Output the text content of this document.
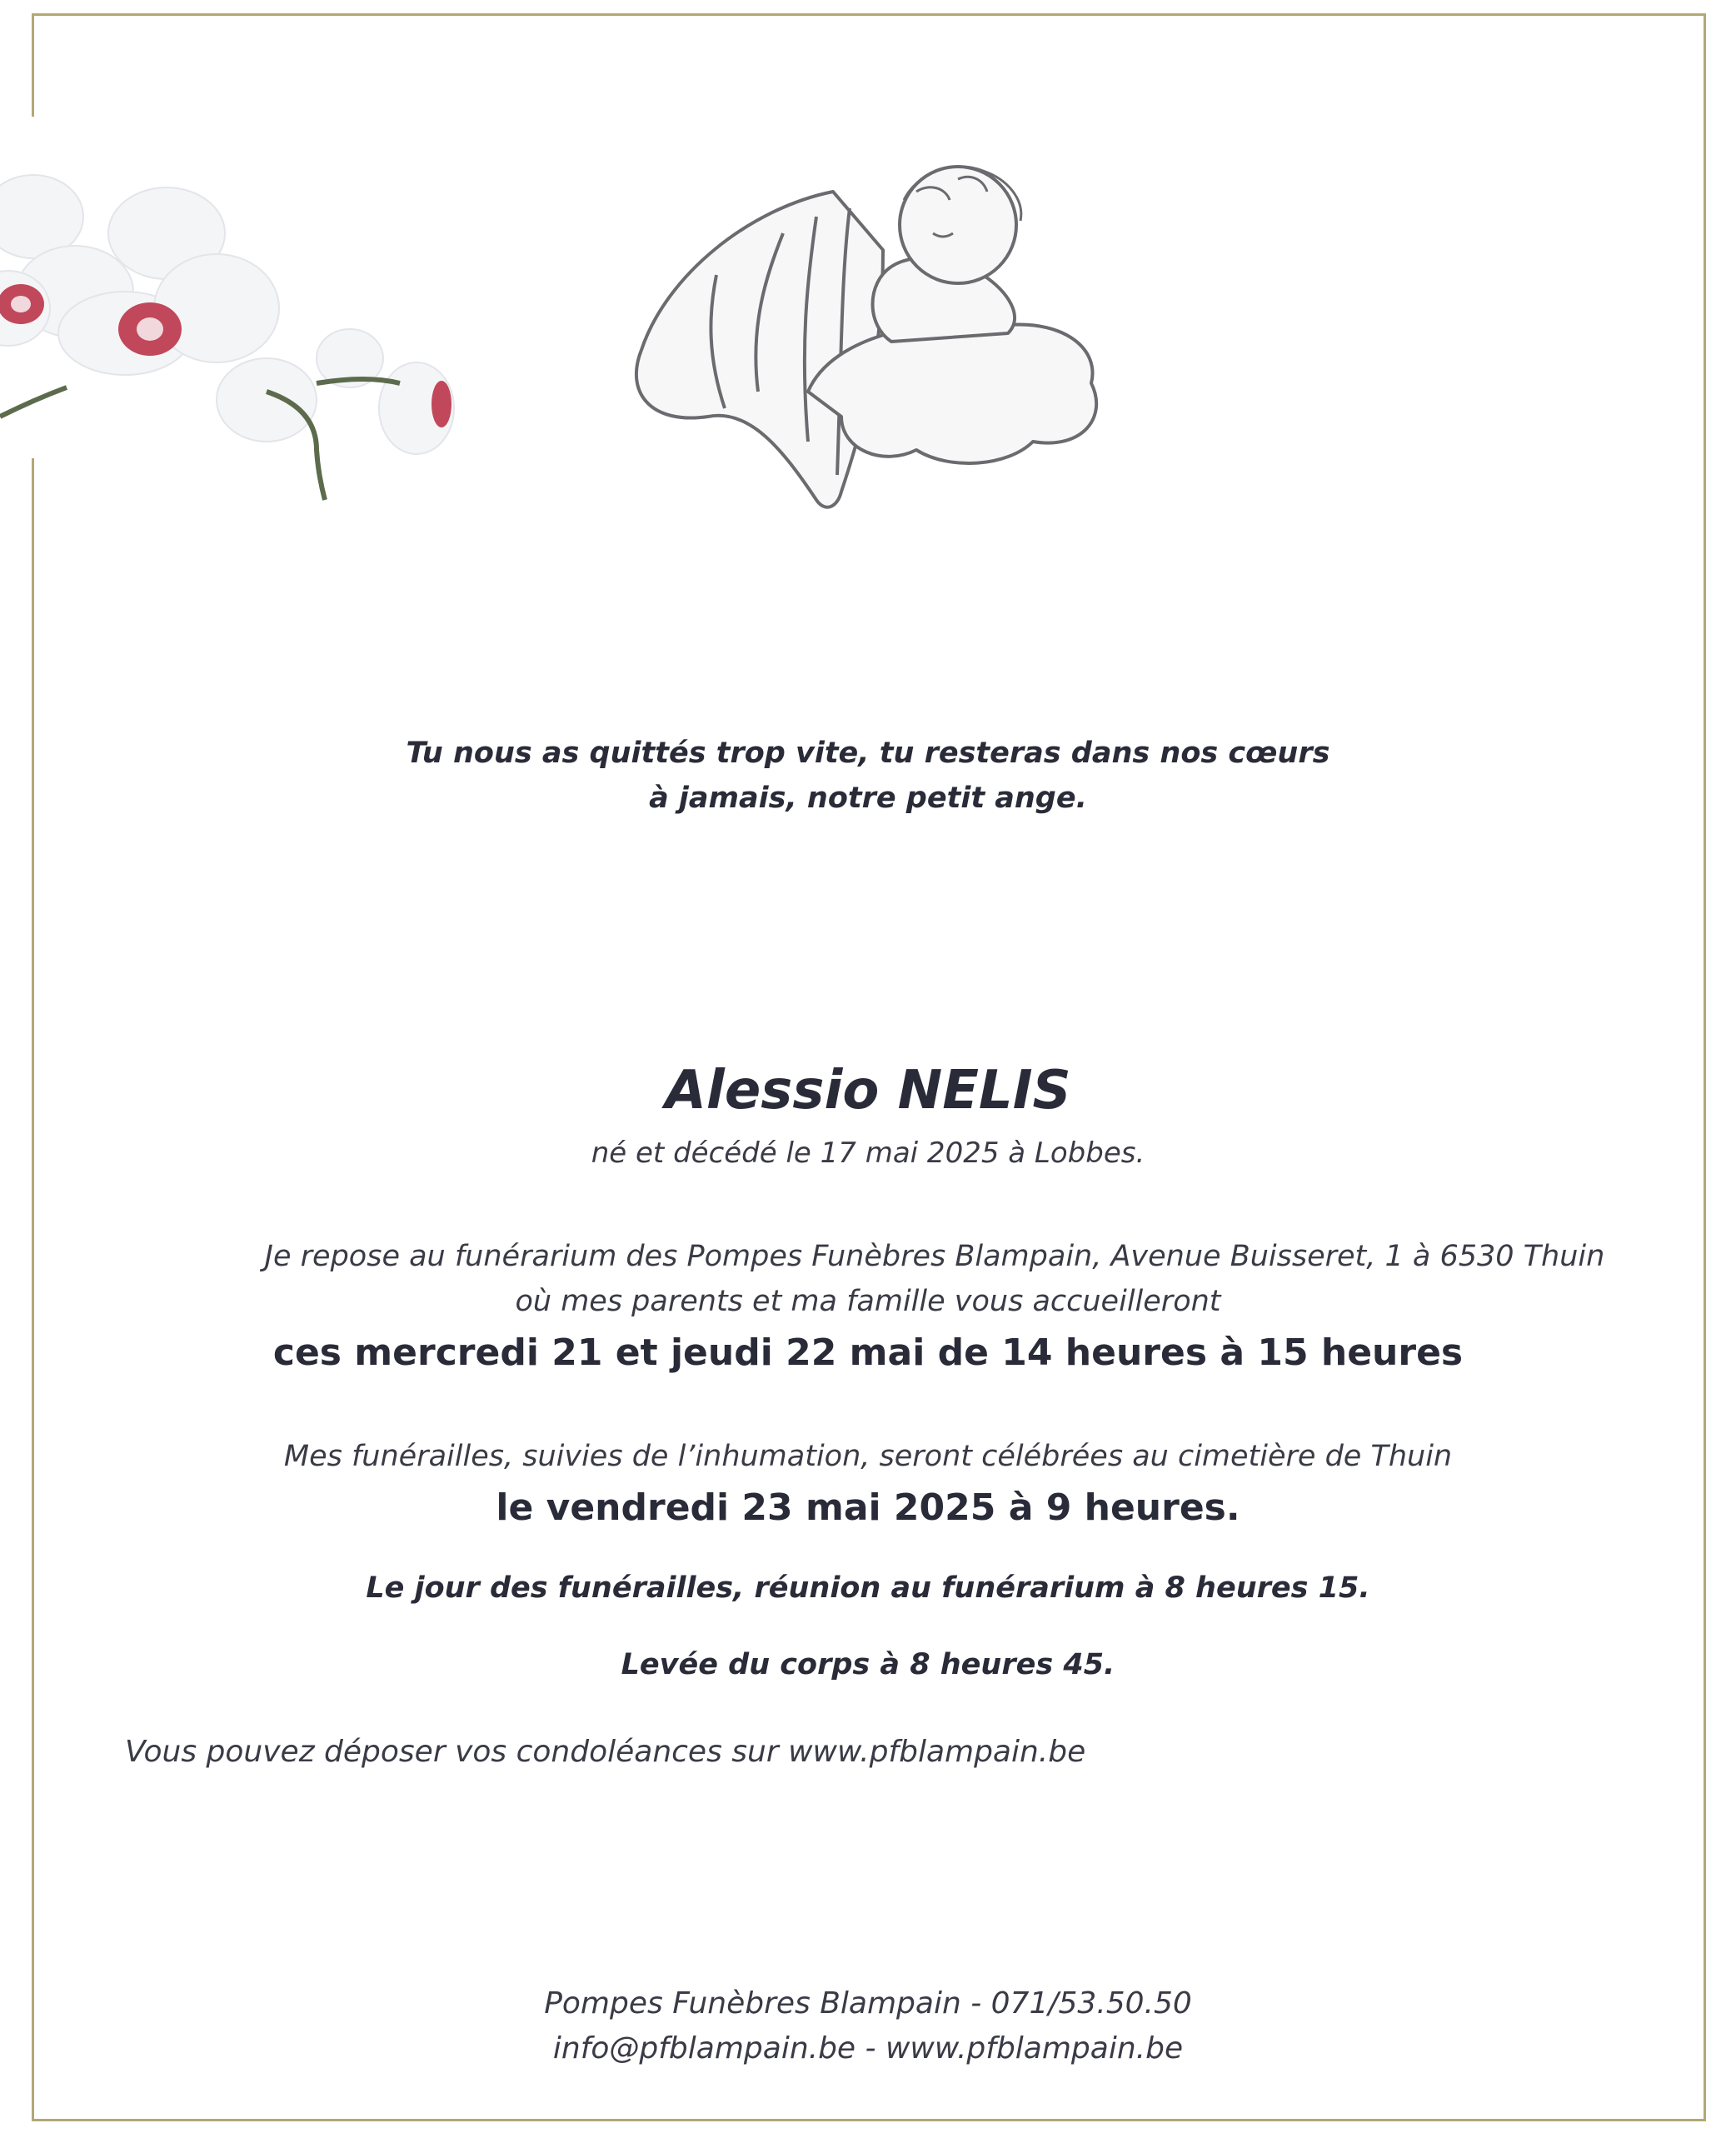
Tu nous as quittés trop vite, tu resteras dans nos cœurs
à jamais, notre petit ange.
Alessio NELIS
né et décédé le 17 mai 2025 à Lobbes.
Je repose au funérarium des Pompes Funèbres Blampain, Avenue Buisseret, 1 à 6530 Thuin
où mes parents et ma famille vous accueilleront
ces mercredi 21 et jeudi 22 mai de 14 heures à 15 heures
Mes funérailles, suivies de l’inhumation, seront célébrées au cimetière de Thuin
le vendredi 23 mai 2025 à 9 heures.
Le jour des funérailles, réunion au funérarium à 8 heures 15.
Levée du corps à 8 heures 45.
Vous pouvez déposer vos condoléances sur www.pfblampain.be
Pompes Funèbres Blampain - 071/53.50.50
info@pfblampain.be - www.pfblampain.be
